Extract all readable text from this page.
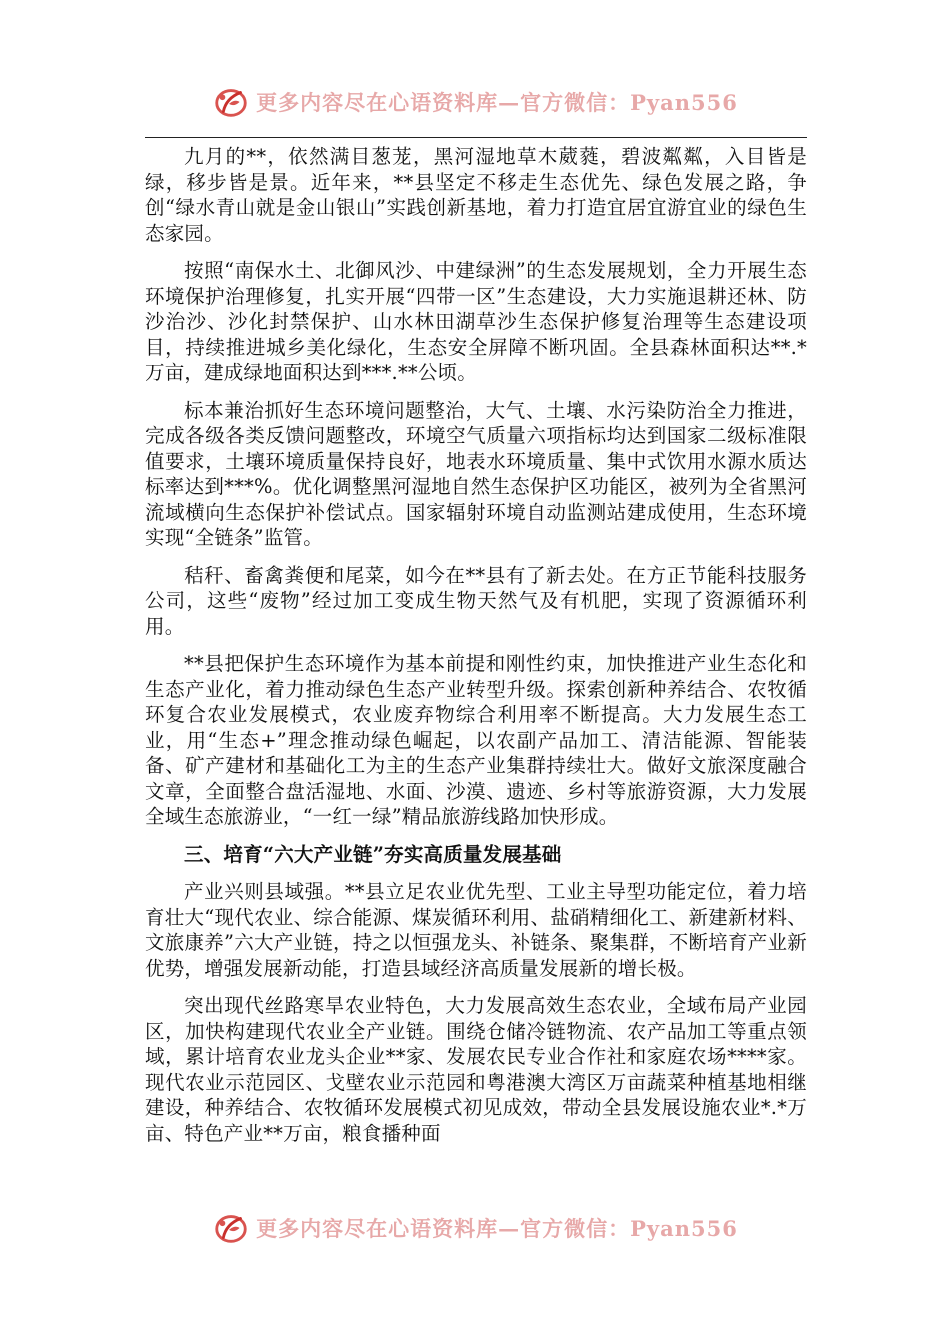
更多内容尽在心语资料库—官方微信：Pyan556

九月的**，依然满目葱茏，黑河湿地草木葳蕤，碧波粼粼，入目皆是绿，移步皆是景。近年来，**县坚定不移走生态优先、绿色发展之路，争创“绿水青山就是金山银山”实践创新基地，着力打造宜居宜游宜业的绿色生态家园。

按照“南保水土、北御风沙、中建绿洲”的生态发展规划，全力开展生态环境保护治理修复，扎实开展“四带一区”生态建设，大力实施退耕还林、防沙治沙、沙化封禁保护、山水林田湖草沙生态保护修复治理等生态建设项目，持续推进城乡美化绿化，生态安全屏障不断巩固。全县森林面积达**.*万亩，建成绿地面积达到***.**公顷。

标本兼治抓好生态环境问题整治，大气、土壤、水污染防治全力推进，完成各级各类反馈问题整改，环境空气质量六项指标均达到国家二级标准限值要求，土壤环境质量保持良好，地表水环境质量、集中式饮用水源水质达标率达到***%。优化调整黑河湿地自然生态保护区功能区，被列为全省黑河流域横向生态保护补偿试点。国家辐射环境自动监测站建成使用，生态环境实现“全链条”监管。

秸秆、畜禽粪便和尾菜，如今在**县有了新去处。在方正节能科技服务公司，这些“废物”经过加工变成生物天然气及有机肥，实现了资源循环利用。

**县把保护生态环境作为基本前提和刚性约束，加快推进产业生态化和生态产业化，着力推动绿色生态产业转型升级。探索创新种养结合、农牧循环复合农业发展模式，农业废弃物综合利用率不断提高。大力发展生态工业，用“生态+”理念推动绿色崛起，以农副产品加工、清洁能源、智能装备、矿产建材和基础化工为主的生态产业集群持续壮大。做好文旅深度融合文章，全面整合盘活湿地、水面、沙漠、遗迹、乡村等旅游资源，大力发展全域生态旅游业，“一红一绿”精品旅游线路加快形成。

三、培育“六大产业链”夯实高质量发展基础

产业兴则县域强。**县立足农业优先型、工业主导型功能定位，着力培育壮大“现代农业、综合能源、煤炭循环利用、盐硝精细化工、新建新材料、文旅康养”六大产业链，持之以恒强龙头、补链条、聚集群，不断培育产业新优势，增强发展新动能，打造县域经济高质量发展新的增长极。

突出现代丝路寒旱农业特色，大力发展高效生态农业，全域布局产业园区，加快构建现代农业全产业链。围绕仓储冷链物流、农产品加工等重点领域，累计培育农业龙头企业**家、发展农民专业合作社和家庭农场****家。现代农业示范园区、戈壁农业示范园和粤港澳大湾区万亩蔬菜种植基地相继建设，种养结合、农牧循环发展模式初见成效，带动全县发展设施农业*.*万亩、特色产业**万亩，粮食播种面

更多内容尽在心语资料库—官方微信：Pyan556
